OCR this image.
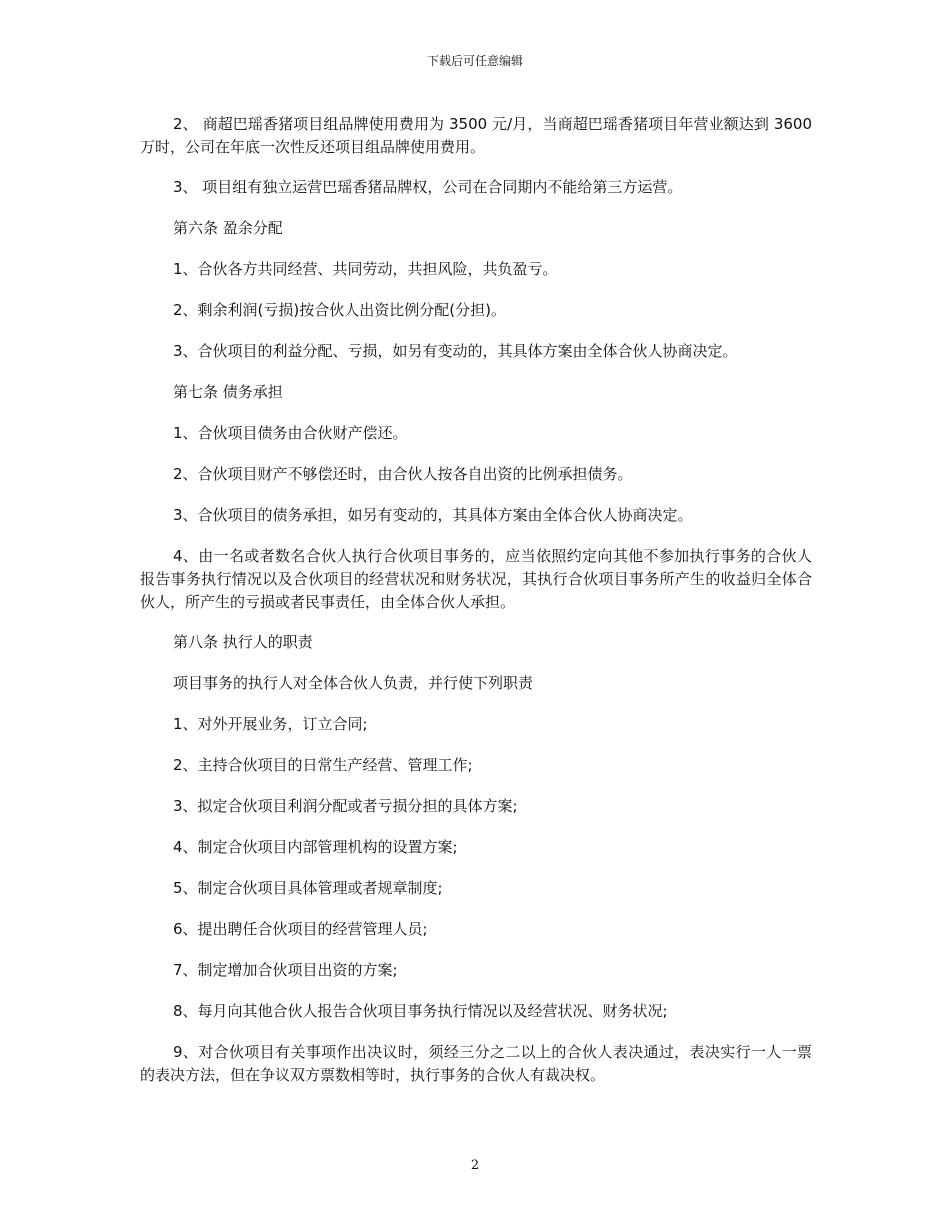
下载后可任意编辑

2、 商超巴瑶香猪项目组品牌使用费用为 3500 元/月，当商超巴瑶香猪项目年营业额达到 3600 万时，公司在年底一次性反还项目组品牌使用费用。

3、 项目组有独立运营巴瑶香猪品牌权，公司在合同期内不能给第三方运营。

第六条 盈余分配

1、合伙各方共同经营、共同劳动，共担风险，共负盈亏。

2、剩余利润(亏损)按合伙人出资比例分配(分担)。

3、合伙项目的利益分配、亏损，如另有变动的，其具体方案由全体合伙人协商决定。

第七条 债务承担

1、合伙项目债务由合伙财产偿还。

2、合伙项目财产不够偿还时，由合伙人按各自出资的比例承担债务。

3、合伙项目的债务承担，如另有变动的，其具体方案由全体合伙人协商决定。

4、由一名或者数名合伙人执行合伙项目事务的，应当依照约定向其他不参加执行事务的合伙人报告事务执行情况以及合伙项目的经营状况和财务状况，其执行合伙项目事务所产生的收益归全体合伙人，所产生的亏损或者民事责任，由全体合伙人承担。

第八条 执行人的职责

项目事务的执行人对全体合伙人负责，并行使下列职责

1、对外开展业务，订立合同;

2、主持合伙项目的日常生产经营、管理工作;

3、拟定合伙项目利润分配或者亏损分担的具体方案;

4、制定合伙项目内部管理机构的设置方案;

5、制定合伙项目具体管理或者规章制度;

6、提出聘任合伙项目的经营管理人员;

7、制定增加合伙项目出资的方案;

8、每月向其他合伙人报告合伙项目事务执行情况以及经营状况、财务状况;

9、对合伙项目有关事项作出决议时，须经三分之二以上的合伙人表决通过，表决实行一人一票的表决方法，但在争议双方票数相等时，执行事务的合伙人有裁决权。

2
